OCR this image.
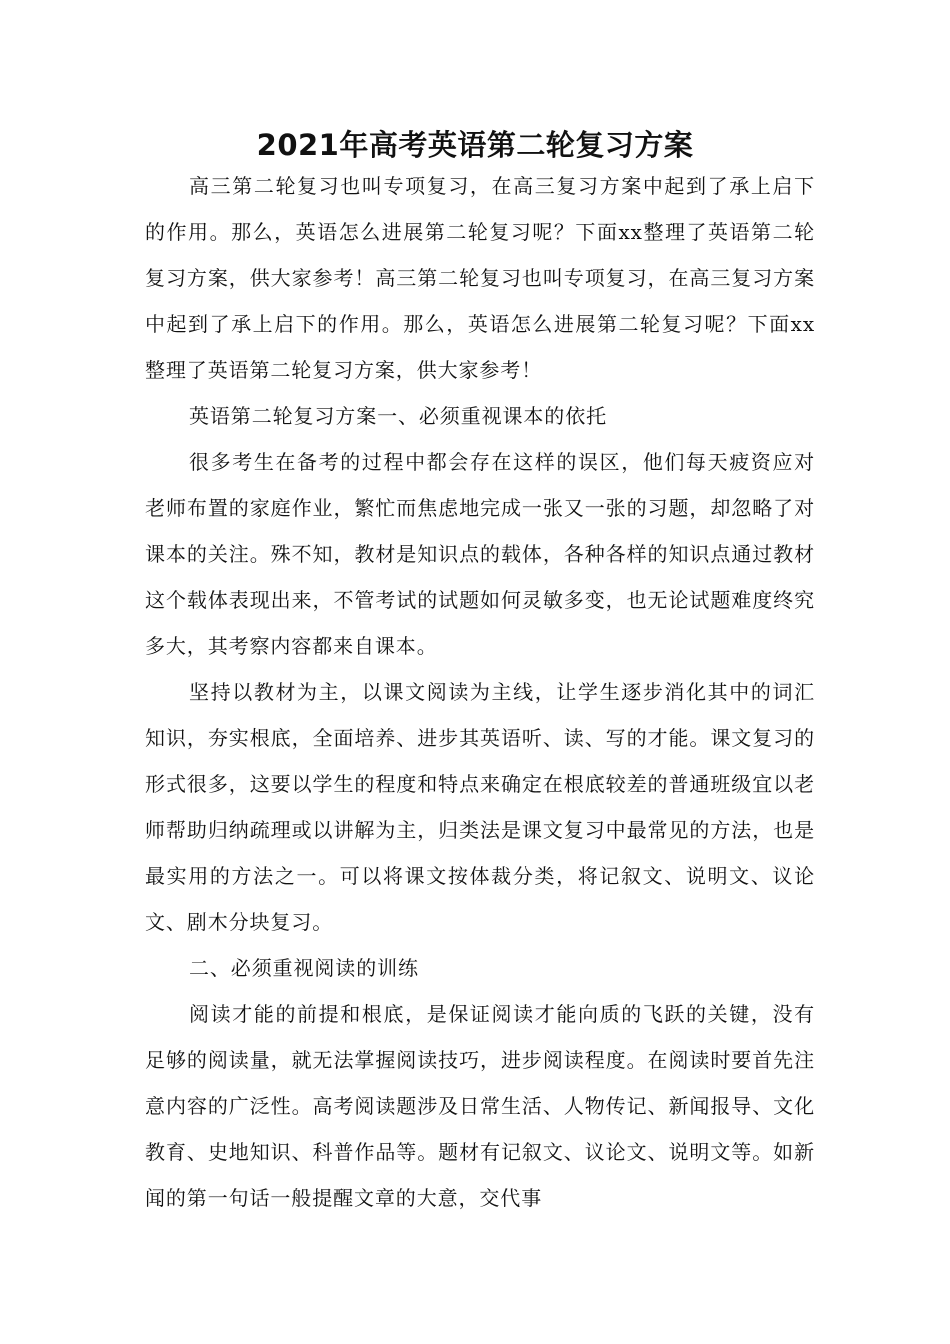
2021年高考英语第二轮复习方案

高三第二轮复习也叫专项复习，在高三复习方案中起到了承上启下的作用。那么，英语怎么进展第二轮复习呢？下面xx整理了英语第二轮复习方案，供大家参考！高三第二轮复习也叫专项复习，在高三复习方案中起到了承上启下的作用。那么，英语怎么进展第二轮复习呢？下面xx整理了英语第二轮复习方案，供大家参考！

英语第二轮复习方案一、必须重视课本的依托

很多考生在备考的过程中都会存在这样的误区，他们每天疲资应对老师布置的家庭作业，繁忙而焦虑地完成一张又一张的习题，却忽略了对课本的关注。殊不知，教材是知识点的载体，各种各样的知识点通过教材这个载体表现出来，不管考试的试题如何灵敏多变，也无论试题难度终究多大，其考察内容都来自课本。

坚持以教材为主，以课文阅读为主线，让学生逐步消化其中的词汇知识，夯实根底，全面培养、进步其英语听、读、写的才能。课文复习的形式很多，这要以学生的程度和特点来确定在根底较差的普通班级宜以老师帮助归纳疏理或以讲解为主，归类法是课文复习中最常见的方法，也是最实用的方法之一。可以将课文按体裁分类，将记叙文、说明文、议论文、剧木分块复习。

二、必须重视阅读的训练

阅读才能的前提和根底，是保证阅读才能向质的飞跃的关键，没有足够的阅读量，就无法掌握阅读技巧，进步阅读程度。在阅读时要首先注意内容的广泛性。高考阅读题涉及日常生活、人物传记、新闻报导、文化教育、史地知识、科普作品等。题材有记叙文、议论文、说明文等。如新闻的第一句话一般提醒文章的大意，交代事
